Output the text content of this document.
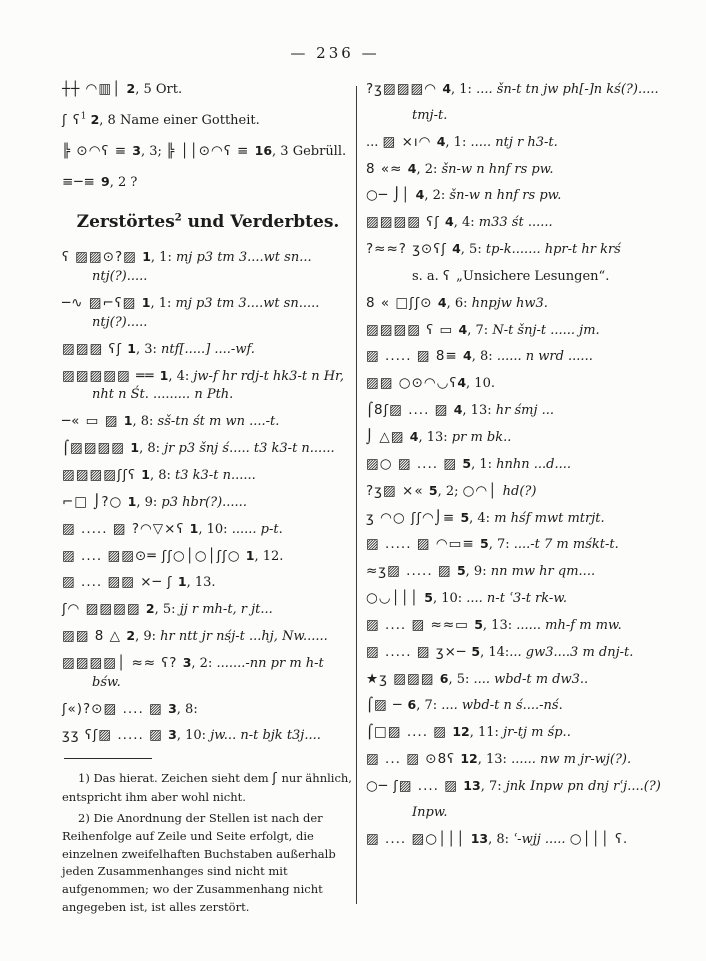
— 236 —
┼┼ ◠▥│ 2, 5 Ort.
ʃ ʕ$^1$ 2, 8 Name einer Gottheit.
╠ ⊙◠ʕ ≡ 3, 3; ╠ ││⊙◠ʕ ≡ 16, 3 Gebrüll.
≡─≡ 9, 2 ?
Zerstörtes$^2$ und Verderbtes.
ʕ ▨▨⊙?▨ 1, 1: mj p3 tm 3....wt sn... ntj(?).....
─∿ ▨⌐ʕ▨ 1, 1: mj p3 tm 3....wt sn..... ntj(?).....
▨▨▨ ʕʃ 1, 3: ntf[.....] ....-wf.
▨▨▨▨▨ ══ 1, 4: jw-f hr rdj-t hk3-t n Hr, nht n Śt. ......... n Pth.
─« ▭ ▨ 1, 8: sš-tn śt m wn ....-t.
⌠▨▨▨▨ 1, 8: jr p3 šnj ś..... t3 k3-t n......
▨▨▨▨ʃʃʕ 1, 8: t3 k3-t n......
⌐□ ⌡?○ 1, 9: p3 hbr(?)......
▨ ..... ▨ ?◠▽×ʕ 1, 10: ...... p-t.
▨ .... ▨▨⊙═ ʃʃ○│○│ʃʃ○ 1, 12.
▨ .... ▨▨ ×─ ʃ 1, 13.
ʃ◠ ▨▨▨▨ 2, 5: jj r mh-t, r jt...
▨▨ 8 △ 2, 9: hr ntt jr nśj-t ...hj, Nw......
▨▨▨▨│ ≈≈ ʕ? 3, 2: .......-nn pr m h-t bśw.
ʃ«)?⊙▨ .... ▨ 3, 8:
ʒʒ ʕʃ▨ ..... ▨ 3, 10: jw... n-t bjk t3j....
1) Das hierat. Zeichen sieht dem ʃ nur ähnlich, entspricht ihm aber wohl nicht.
2) Die Anordnung der Stellen ist nach der Reihenfolge auf Zeile und Seite erfolgt, die einzelnen zweifelhaften Buchstaben außerhalb jeden Zusammenhanges sind nicht mit aufgenommen; wo der Zusammenhang nicht angegeben ist, ist alles zerstört.
?ʒ▨▨▨◠ 4, 1: .... šn-t tn jw ph[-]n kś(?).....
tmj-t.
... ▨ ×ı◠ 4, 1: ..... ntj r h3-t.
8 «≈ 4, 2: šn-w n hnf rs pw.
○─ ⌡│ 4, 2: šn-w n hnf rs pw.
▨▨▨▨ ʕʃ 4, 4: m33 śt ......
?≈≈? ʒ⊙ʕʃ 4, 5: tp-k....... hpr-t hr krś
s. a. ʕ „Unsichere Lesungen“.
8 « □ʃʃ⊙ 4, 6: hnpjw hw3.
▨▨▨▨ ʕ ▭ 4, 7: N-t šnj-t ...... jm.
▨ ..... ▨ 8≡ 4, 8: ...... n wrd ......
▨▨ ○⊙◠◡ʕ4, 10.
⌠8ʃ▨ .... ▨ 4, 13: hr śmj ...
⌡ △▨ 4, 13: pr m bk..
▨○ ▨ .... ▨ 5, 1: hnhn ...d....
?ʒ▨ ×« 5, 2; ○◠│ hd(?)
ʒ ◠○ ʃʃ◠⌡≡ 5, 4: m hśf mwt mtrjt.
▨ ..... ▨ ◠▭≡ 5, 7: ....-t 7 m mśkt-t.
≈ʒ▨ ..... ▨ 5, 9: nn mw hr qm....
○◡│││ 5, 10: .... n-t ʿ3-t rk-w.
▨ .... ▨ ≈≈▭ 5, 13: ...... mh-f m mw.
▨ ..... ▨ ʒ×─ 5, 14:... gw3....3 m dnj-t.
★ʒ ▨▨▨ 6, 5: .... wbd-t m dw3..
⌠▨ ─ 6, 7: .... wbd-t n ś....-nś.
⌠□▨ .... ▨ 12, 11: jr-tj m śp..
▨ ... ▨ ⊙8ʕ 12, 13: ...... nw m jr-wj(?).
○─ ʃ▨ .... ▨ 13, 7: jnk Inpw pn dnj rʿj....(?)
Inpw.
▨ .... ▨○│││ 13, 8: ʿ-wjj ..... ○│││ ʕ.
